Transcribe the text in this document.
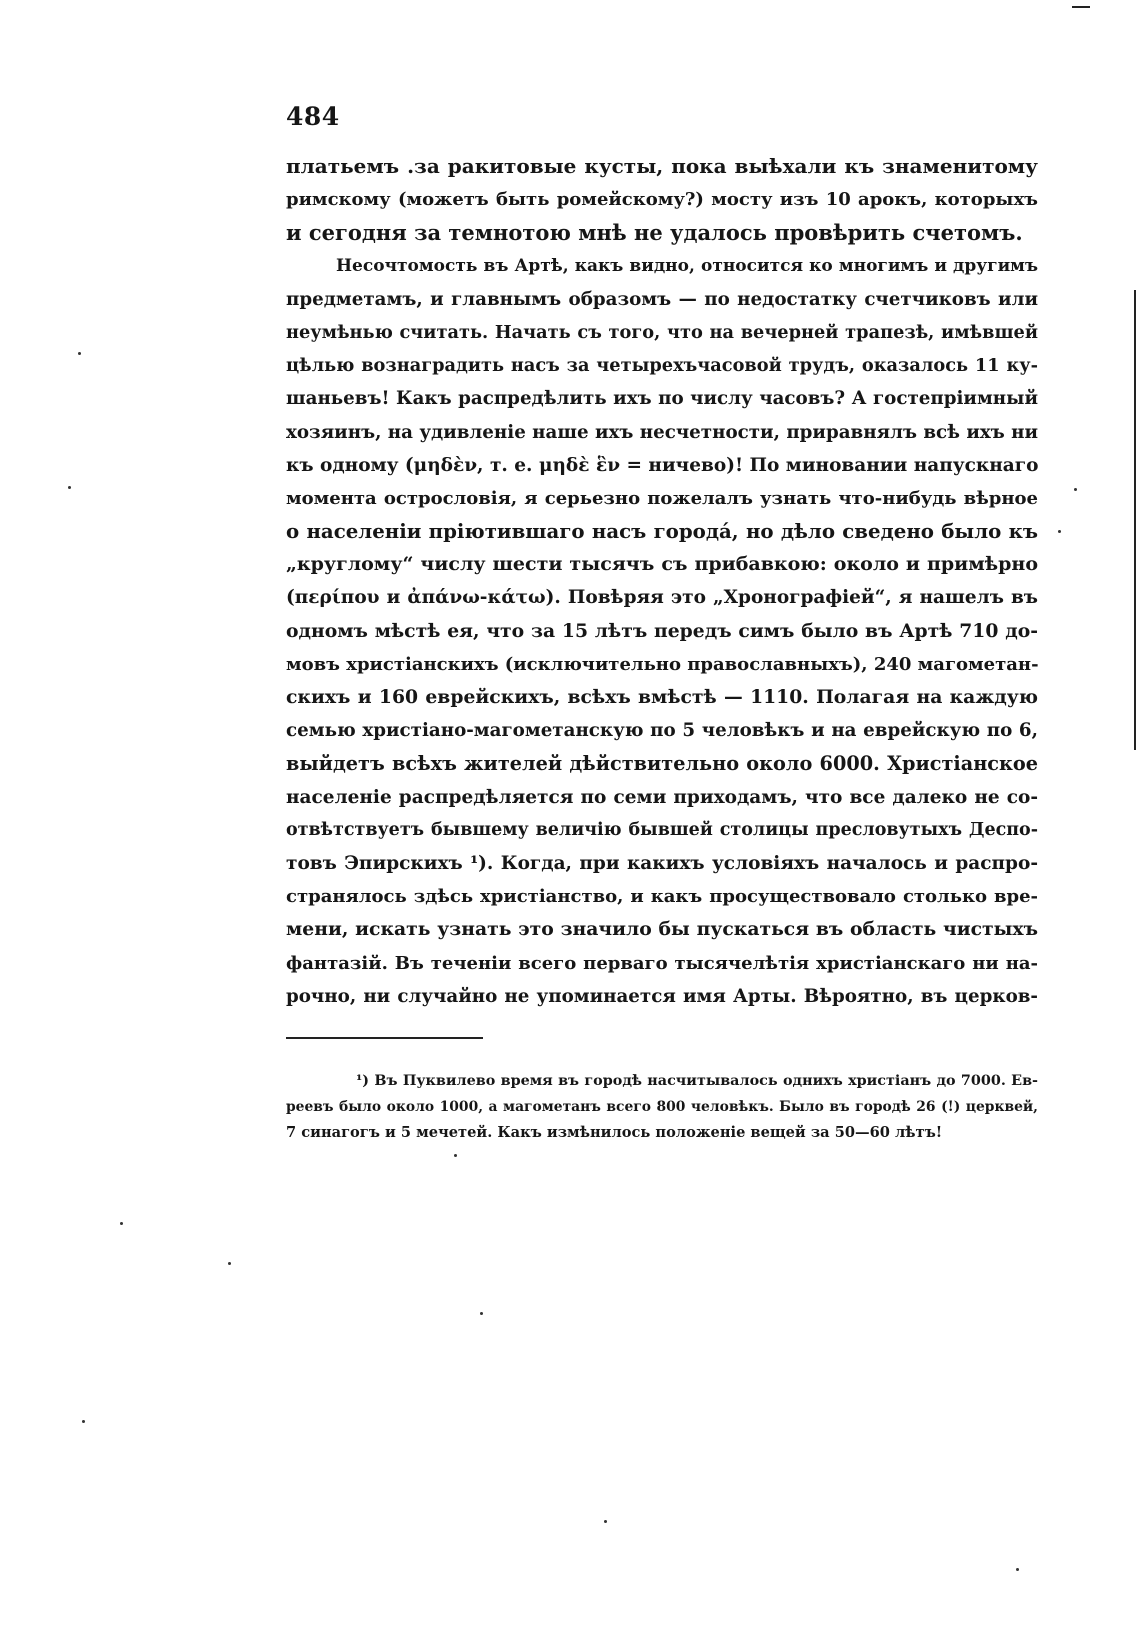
484
платьемъ .за ракитовые кусты, пока выѣхали къ знаменитому
римскому (можетъ быть ромейскому?) мосту изъ 10 арокъ, которыхъ
и сегодня за темнотою мнѣ не удалось провѣрить счетомъ.
Несочтомость въ Артѣ, какъ видно, относится ко многимъ и другимъ
предметамъ, и главнымъ образомъ — по недостатку счетчиковъ или
неумѣнью считать. Начать съ того, что на вечерней трапезѣ, имѣвшей
цѣлью вознаградить насъ за четырехъчасовой трудъ, оказалось 11 ку-
шаньевъ! Какъ распредѣлить ихъ по числу часовъ? А гостепріимный
хозяинъ, на удивленіе наше ихъ несчетности, приравнялъ всѣ ихъ ни
къ одному (μηδὲν, т. е. μηδὲ ἓν = ничево)! По миновании напускнаго
момента острословія, я серьезно пожелалъ узнать что-нибудь вѣрное
о населеніи пріютившаго насъ городá, но дѣло сведено было къ
„круглому“ числу шести тысячъ съ прибавкою: около и примѣрно
(περίπου и ἀπάνω-κάτω). Повѣряя это „Хронографіей“, я нашелъ въ
одномъ мѣстѣ ея, что за 15 лѣтъ передъ симъ было въ Артѣ 710 до-
мовъ христіанскихъ (исключительно православныхъ), 240 магометан-
скихъ и 160 еврейскихъ, всѣхъ вмѣстѣ — 1110. Полагая на каждую
семью христіано-магометанскую по 5 человѣкъ и на еврейскую по 6,
выйдетъ всѣхъ жителей дѣйствительно около 6000. Христіанское
населеніе распредѣляется по семи приходамъ, что все далеко не со-
отвѣтствуетъ бывшему величію бывшей столицы пресловутыхъ Деспо-
товъ Эпирскихъ ¹). Когда, при какихъ условіяхъ началось и распро-
странялось здѣсь христіанство, и какъ просуществовало столько вре-
мени, искать узнать это значило бы пускаться въ область чистыхъ
фантазій. Въ теченіи всего перваго тысячелѣтія христіанскаго ни на-
рочно, ни случайно не упоминается имя Арты. Вѣроятно, въ церков-
¹) Въ Пуквилево время въ городѣ насчитывалось однихъ христіанъ до 7000. Ев-
реевъ было около 1000, а магометанъ всего 800 человѣкъ. Было въ городѣ 26 (!) церквей,
7 синагогъ и 5 мечетей. Какъ измѣнилось положеніе вещей за 50—60 лѣтъ!
